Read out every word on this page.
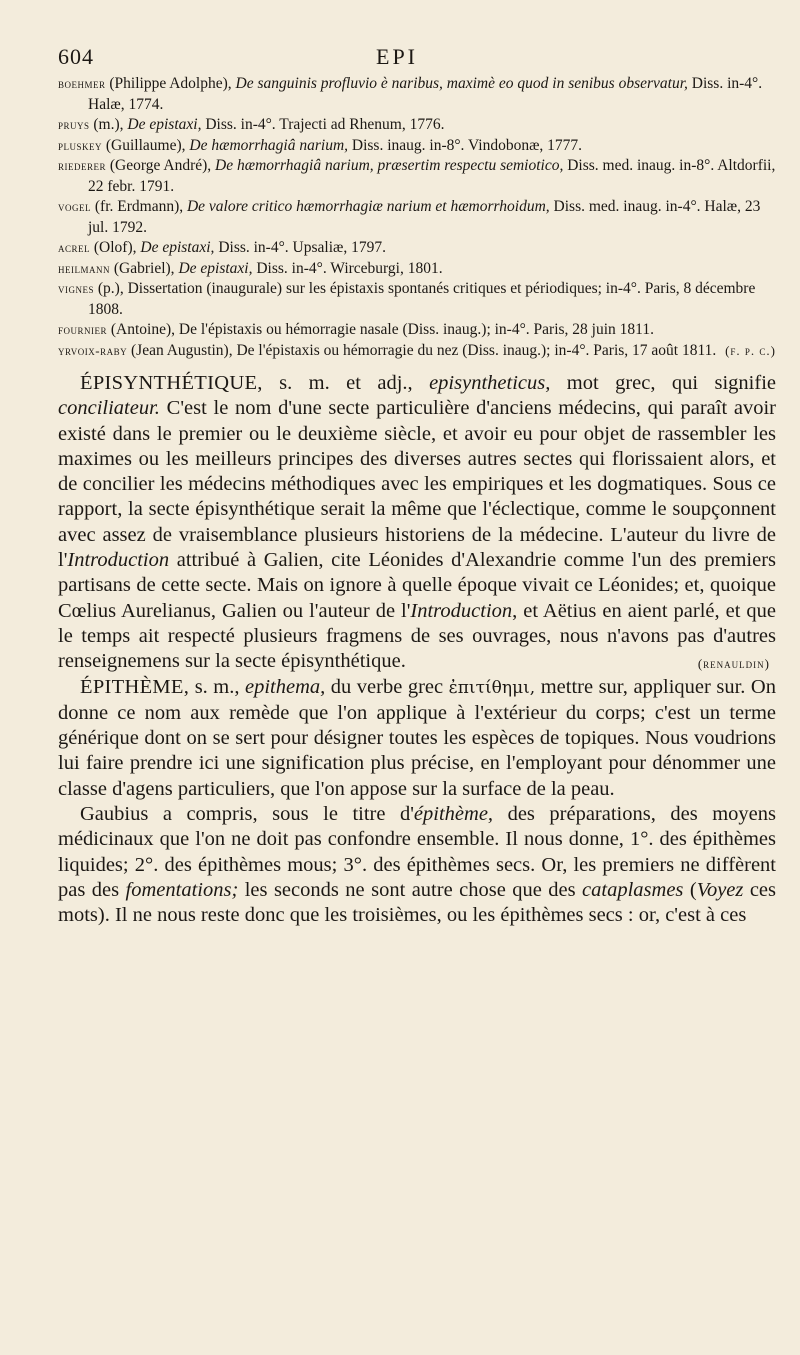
604	EPI
boehmer (Philippe Adolphe), De sanguinis profluvio è naribus, maximè eo quod in senibus observatur, Diss. in-4°. Halæ, 1774.
pruys (m.), De epistaxi, Diss. in-4°. Trajecti ad Rhenum, 1776.
pluskey (Guillaume), De hæmorrhagiâ narium, Diss. inaug. in-8°. Vindobonæ, 1777.
riederer (George André), De hæmorrhagiâ narium, præsertim respectu semiotico, Diss. med. inaug. in-8°. Altdorfii, 22 febr. 1791.
vogel (fr. Erdmann), De valore critico hæmorrhagiæ narium et hæmorrhoidum, Diss. med. inaug. in-4°. Halæ, 23 jul. 1792.
acrel (Olof), De epistaxi, Diss. in-4°. Upsaliæ, 1797.
heilmann (Gabriel), De epistaxi, Diss. in-4°. Wirceburgi, 1801.
vignes (p.), Dissertation (inaugurale) sur les épistaxis spontanés critiques et périodiques; in-4°. Paris, 8 décembre 1808.
fournier (Antoine), De l'épistaxis ou hémorragie nasale (Diss. inaug.); in-4°. Paris, 28 juin 1811.
yrvoix-raby (Jean Augustin), De l'épistaxis ou hémorragie du nez (Diss. inaug.); in-4°. Paris, 17 août 1811. (f. p. c.)

ÉPISYNTHÉTIQUE, s. m. et adj., episyntheticus, mot grec, qui signifie conciliateur. C'est le nom d'une secte particulière d'anciens médecins, qui paraît avoir existé dans le premier ou le deuxième siècle, et avoir eu pour objet de rassembler les maximes ou les meilleurs principes des diverses autres sectes qui florissaient alors, et de concilier les médecins méthodiques avec les empiriques et les dogmatiques. Sous ce rapport, la secte épisynthétique serait la même que l'éclectique, comme le soupçonnent avec assez de vraisemblance plusieurs historiens de la médecine. L'auteur du livre de l'Introduction attribué à Galien, cite Léonides d'Alexandrie comme l'un des premiers partisans de cette secte. Mais on ignore à quelle époque vivait ce Léonides; et, quoique Cœlius Aurelianus, Galien ou l'auteur de l'Introduction, et Aëtius en aient parlé, et que le temps ait respecté plusieurs fragmens de ses ouvrages, nous n'avons pas d'autres renseignemens sur la secte épisynthétique.	(renauldin)

ÉPITHÈME, s. m., epithema, du verbe grec ἐπιτίθημι, mettre sur, appliquer sur. On donne ce nom aux remède que l'on applique à l'extérieur du corps; c'est un terme générique dont on se sert pour désigner toutes les espèces de topiques. Nous voudrions lui faire prendre ici une signification plus précise, en l'employant pour dénommer une classe d'agens particuliers, que l'on appose sur la surface de la peau.

Gaubius a compris, sous le titre d'épithème, des préparations, des moyens médicinaux que l'on ne doit pas confondre ensemble. Il nous donne, 1°. des épithèmes liquides; 2°. des épithèmes mous; 3°. des épithèmes secs. Or, les premiers ne diffèrent pas des fomentations; les seconds ne sont autre chose que des cataplasmes (Voyez ces mots). Il ne nous reste donc que les troisièmes, ou les épithèmes secs : or, c'est à ces
